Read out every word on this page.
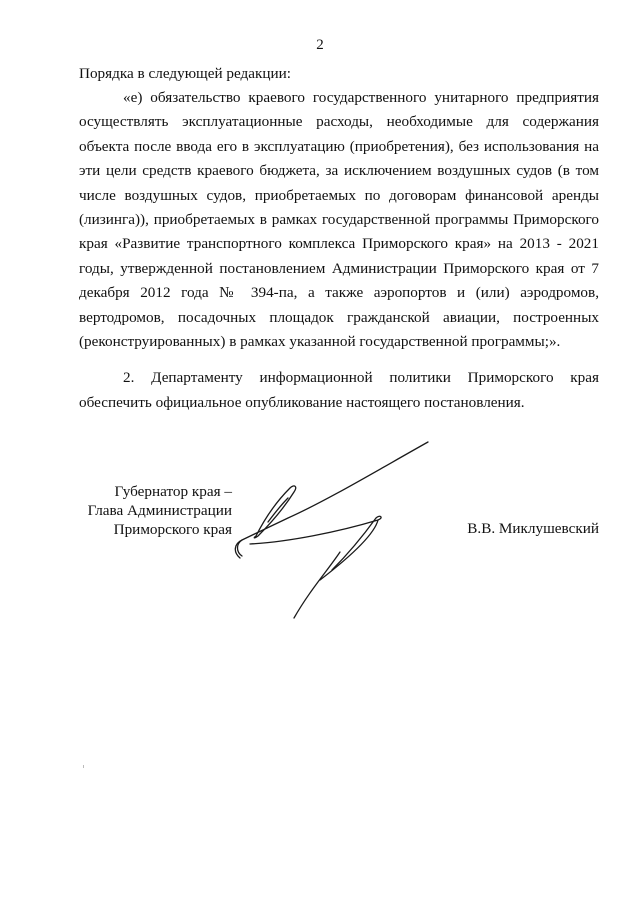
2
Порядка в следующей редакции:

«е) обязательство краевого государственного унитарного предприятия осуществлять эксплуатационные расходы, необходимые для содержания объекта после ввода его в эксплуатацию (приобретения), без использования на эти цели средств краевого бюджета, за исключением воздушных судов (в том числе воздушных судов, приобретаемых по договорам финансовой аренды (лизинга)), приобретаемых в рамках государственной программы Приморского края «Развитие транспортного комплекса Приморского края» на 2013 - 2021 годы, утвержденной постановлением Администрации Приморского края от 7 декабря 2012 года № 394-па, а также аэропортов и (или) аэродромов, вертодромов, посадочных площадок гражданской авиации, построенных (реконструированных) в рамках указанной государственной программы;».

2. Департаменту информационной политики Приморского края обеспечить официальное опубликование настоящего постановления.

Губернатор края –
Глава Администрации
Приморского края	В.В. Миклушевский
